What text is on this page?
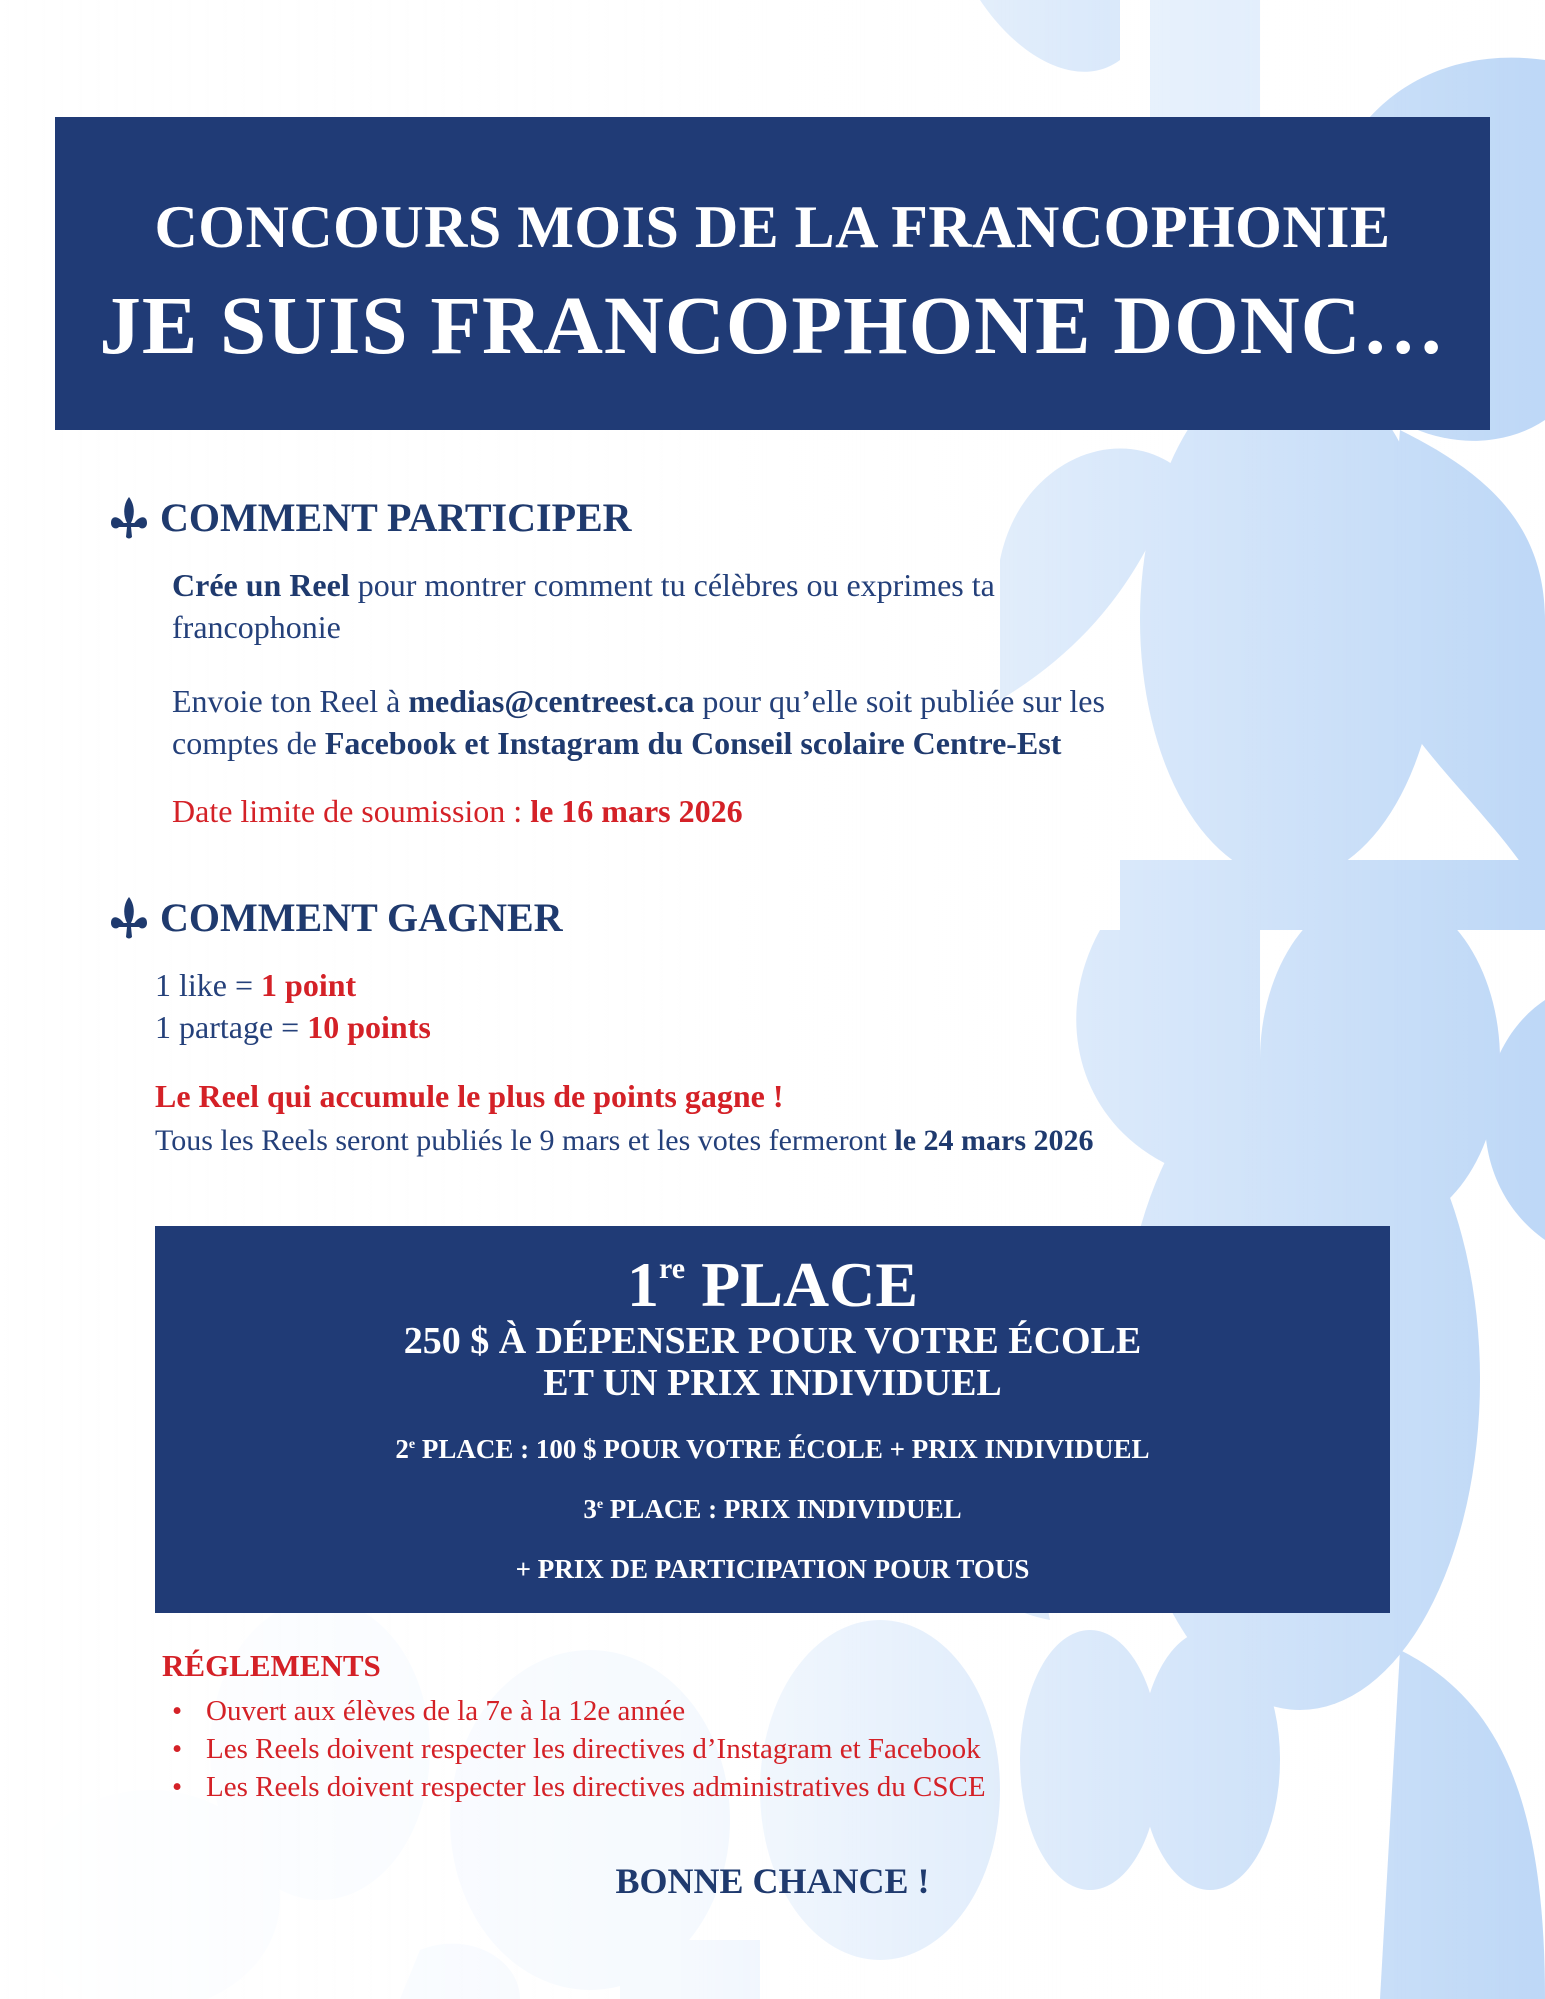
CONCOURS MOIS DE LA FRANCOPHONIE
JE SUIS FRANCOPHONE DONC…
COMMENT PARTICIPER
Crée un Reel pour montrer comment tu célèbres ou exprimes ta
francophonie
Envoie ton Reel à medias@centreest.ca pour qu’elle soit publiée sur les
comptes de Facebook et Instagram du Conseil scolaire Centre-Est
Date limite de soumission : le 16 mars 2026
COMMENT GAGNER
1 like = 1 point
1 partage = 10 points
Le Reel qui accumule le plus de points gagne !
Tous les Reels seront publiés le 9 mars et les votes fermeront le 24 mars 2026
1re PLACE
250 $ À DÉPENSER POUR VOTRE ÉCOLE
ET UN PRIX INDIVIDUEL
2e PLACE : 100 $ POUR VOTRE ÉCOLE + PRIX INDIVIDUEL
3e PLACE : PRIX INDIVIDUEL
+ PRIX DE PARTICIPATION POUR TOUS
RÉGLEMENTS
• Ouvert aux élèves de la 7e à la 12e année
• Les Reels doivent respecter les directives d’Instagram et Facebook
• Les Reels doivent respecter les directives administratives du CSCE
BONNE CHANCE !
